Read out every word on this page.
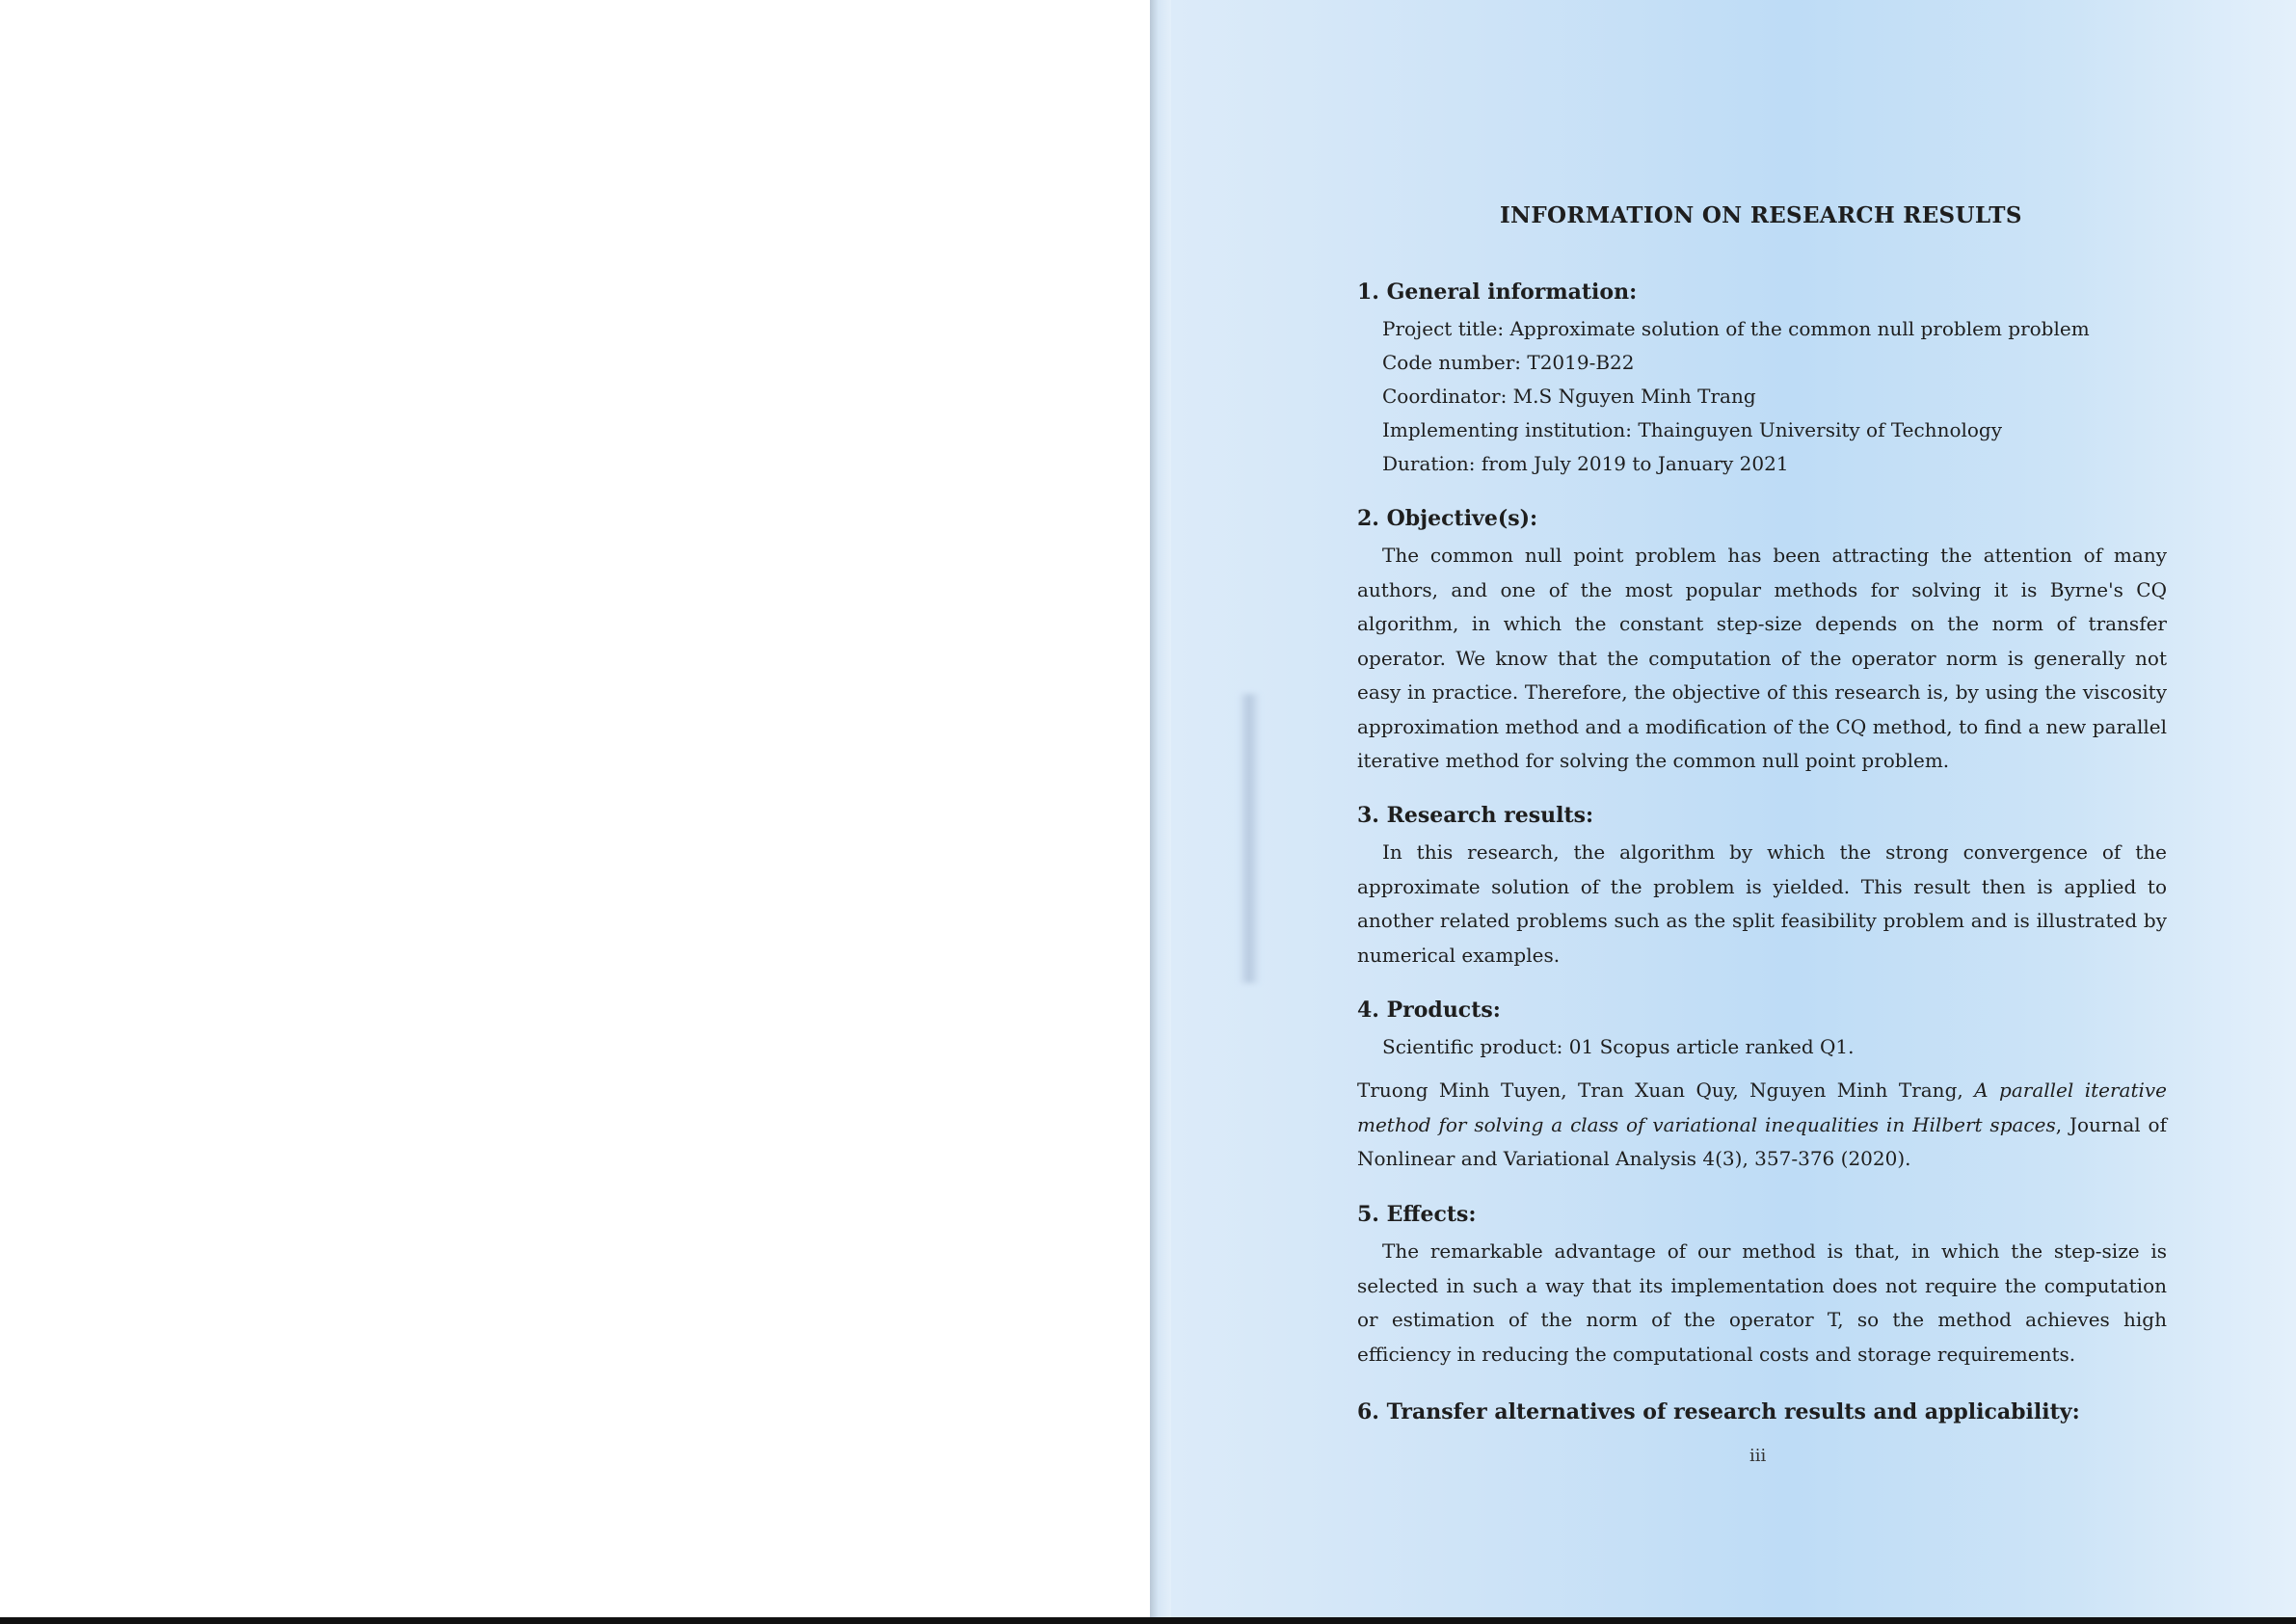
INFORMATION ON RESEARCH RESULTS
1. General information:
Project title: Approximate solution of the common null problem problem
Code number: T2019-B22
Coordinator: M.S Nguyen Minh Trang
Implementing institution: Thainguyen University of Technology
Duration: from July 2019 to January 2021
2. Objective(s):

The common null point problem has been attracting the attention of many authors, and one of the most popular methods for solving it is Byrne's CQ algorithm, in which the constant step-size depends on the norm of transfer operator. We know that the computation of the operator norm is generally not easy in practice. Therefore, the objective of this research is, by using the viscosity approximation method and a modification of the CQ method, to find a new parallel iterative method for solving the common null point problem.

3. Research results:

In this research, the algorithm by which the strong convergence of the approximate solution of the problem is yielded. This result then is applied to another related problems such as the split feasibility problem and is illustrated by numerical examples.

4. Products:
Scientific product: 01 Scopus article ranked Q1.
Truong Minh Tuyen, Tran Xuan Quy, Nguyen Minh Trang, A parallel iterative method for solving a class of variational inequalities in Hilbert spaces, Journal of Nonlinear and Variational Analysis 4(3), 357-376 (2020).
5. Effects:

The remarkable advantage of our method is that, in which the step-size is selected in such a way that its implementation does not require the computation or estimation of the norm of the operator T, so the method achieves high efficiency in reducing the computational costs and storage requirements.

6. Transfer alternatives of research results and applicability:
iii
